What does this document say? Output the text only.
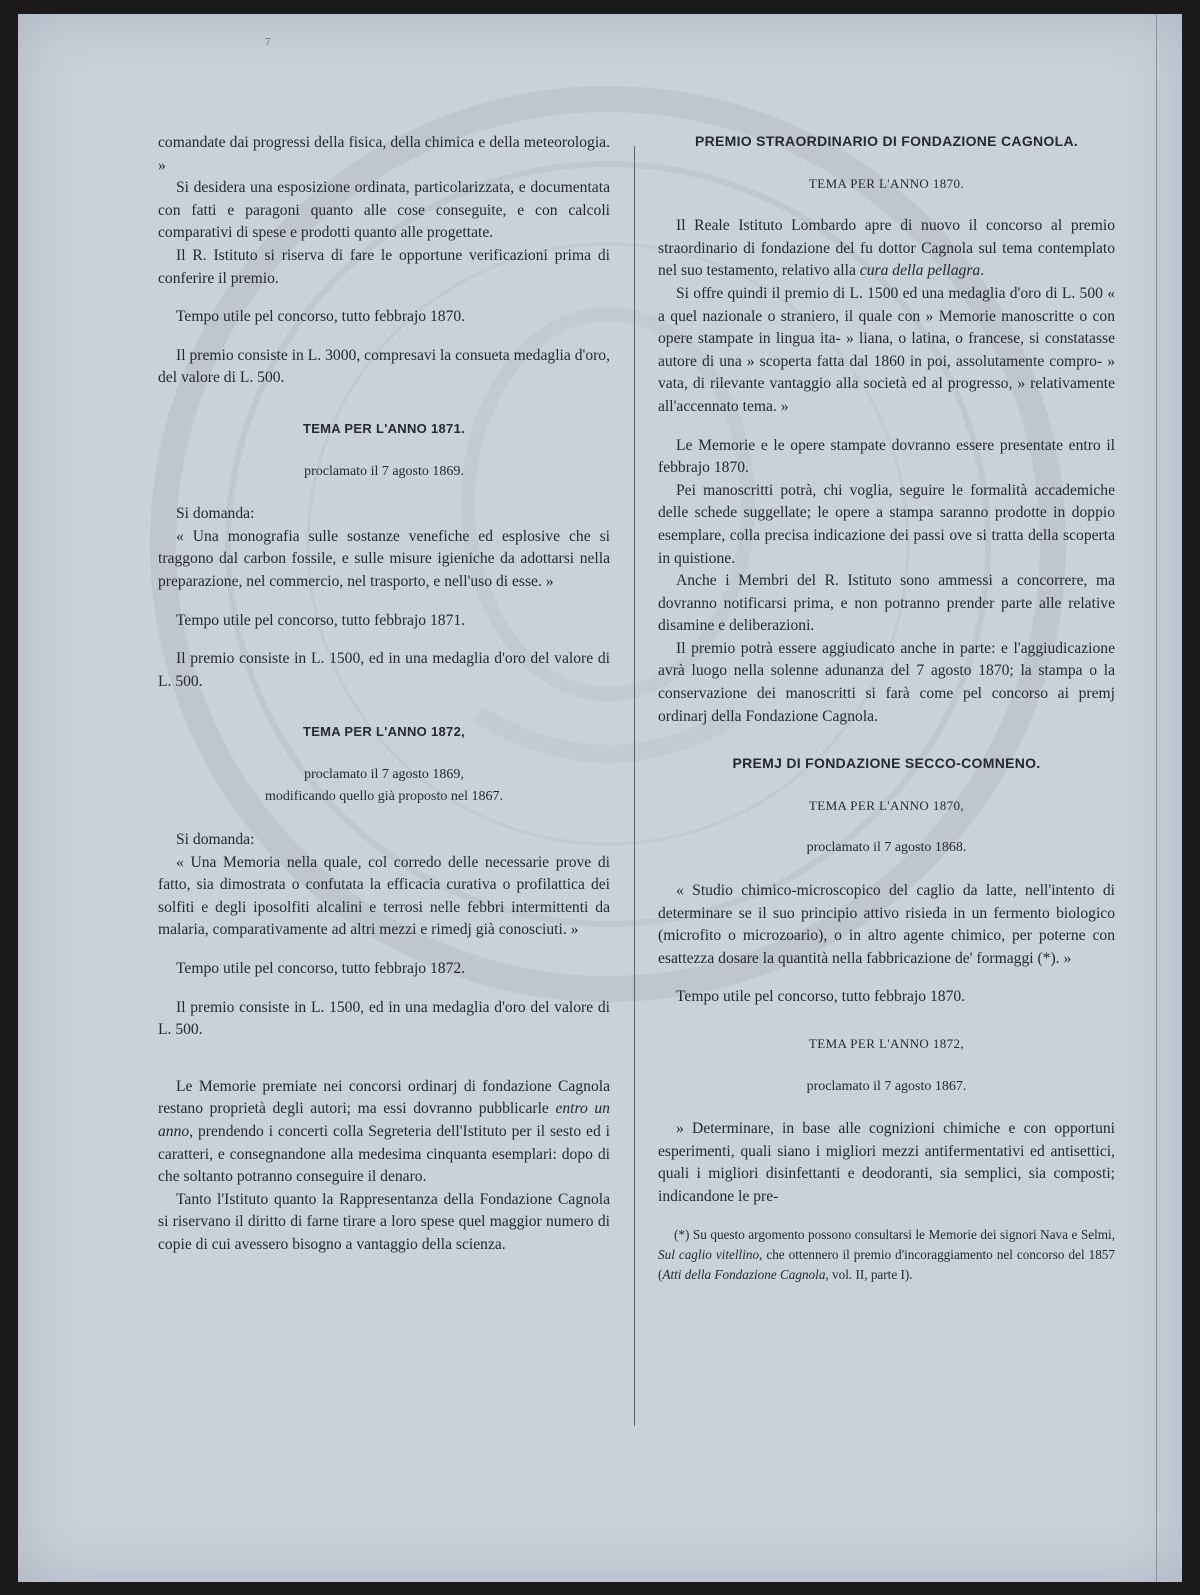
7

comandate dai progressi della fisica, della chimica e della meteorologia. »

Si desidera una esposizione ordinata, particolarizzata, e documentata con fatti e paragoni quanto alle cose conseguite, e con calcoli comparativi di spese e prodotti quanto alle progettate.

Il R. Istituto si riserva di fare le opportune verificazioni prima di conferire il premio.

Tempo utile pel concorso, tutto febbrajo 1870.

Il premio consiste in L. 3000, compresavi la consueta medaglia d'oro, del valore di L. 500.

TEMA PER L'ANNO 1871.

proclamato il 7 agosto 1869.

Si domanda:

« Una monografia sulle sostanze venefiche ed esplosive che si traggono dal carbon fossile, e sulle misure igieniche da adottarsi nella preparazione, nel commercio, nel trasporto, e nell'uso di esse. »

Tempo utile pel concorso, tutto febbrajo 1871.

Il premio consiste in L. 1500, ed in una medaglia d'oro del valore di L. 500.

TEMA PER L'ANNO 1872,

proclamato il 7 agosto 1869,

modificando quello già proposto nel 1867.

Si domanda:

« Una Memoria nella quale, col corredo delle necessarie prove di fatto, sia dimostrata o confutata la efficacia curativa o profilattica dei solfiti e degli iposolfiti alcalini e terrosi nelle febbri intermittenti da malaria, comparativamente ad altri mezzi e rimedj già conosciuti. »

Tempo utile pel concorso, tutto febbrajo 1872.

Il premio consiste in L. 1500, ed in una medaglia d'oro del valore di L. 500.

Le Memorie premiate nei concorsi ordinarj di fondazione Cagnola restano proprietà degli autori; ma essi dovranno pubblicarle entro un anno, prendendo i concerti colla Segreteria dell'Istituto per il sesto ed i caratteri, e consegnandone alla medesima cinquanta esemplari: dopo di che soltanto potranno conseguire il denaro.

Tanto l'Istituto quanto la Rappresentanza della Fondazione Cagnola si riservano il diritto di farne tirare a loro spese quel maggior numero di copie di cui avessero bisogno a vantaggio della scienza.

PREMIO STRAORDINARIO DI FONDAZIONE CAGNOLA.

TEMA PER L'ANNO 1870.

Il Reale Istituto Lombardo apre di nuovo il concorso al premio straordinario di fondazione del fu dottor Cagnola sul tema contemplato nel suo testamento, relativo alla cura della pellagra.

Si offre quindi il premio di L. 1500 ed una medaglia d'oro di L. 500 « a quel nazionale o straniero, il quale con » Memorie manoscritte o con opere stampate in lingua ita- » liana, o latina, o francese, si constatasse autore di una » scoperta fatta dal 1860 in poi, assolutamente compro- » vata, di rilevante vantaggio alla società ed al progresso, » relativamente all'accennato tema. »

Le Memorie e le opere stampate dovranno essere presentate entro il febbrajo 1870.

Pei manoscritti potrà, chi voglia, seguire le formalità accademiche delle schede suggellate; le opere a stampa saranno prodotte in doppio esemplare, colla precisa indicazione dei passi ove si tratta della scoperta in quistione.

Anche i Membri del R. Istituto sono ammessi a concorrere, ma dovranno notificarsi prima, e non potranno prender parte alle relative disamine e deliberazioni.

Il premio potrà essere aggiudicato anche in parte: e l'aggiudicazione avrà luogo nella solenne adunanza del 7 agosto 1870; la stampa o la conservazione dei manoscritti si farà come pel concorso ai premj ordinarj della Fondazione Cagnola.

PREMJ DI FONDAZIONE SECCO-COMNENO.

TEMA PER L'ANNO 1870,

proclamato il 7 agosto 1868.

« Studio chimico-microscopico del caglio da latte, nell'intento di determinare se il suo principio attivo risieda in un fermento biologico (microfito o microzoario), o in altro agente chimico, per poterne con esattezza dosare la quantità nella fabbricazione de' formaggi (*). »

Tempo utile pel concorso, tutto febbrajo 1870.

TEMA PER L'ANNO 1872,

proclamato il 7 agosto 1867.

» Determinare, in base alle cognizioni chimiche e con opportuni esperimenti, quali siano i migliori mezzi antifermentativi ed antisettici, quali i migliori disinfettanti e deodoranti, sia semplici, sia composti; indicandone le pre-

(*) Su questo argomento possono consultarsi le Memorie dei signori Nava e Selmi, Sul caglio vitellino, che ottennero il premio d'incoraggiamento nel concorso del 1857 (Atti della Fondazione Cagnola, vol. II, parte I).
